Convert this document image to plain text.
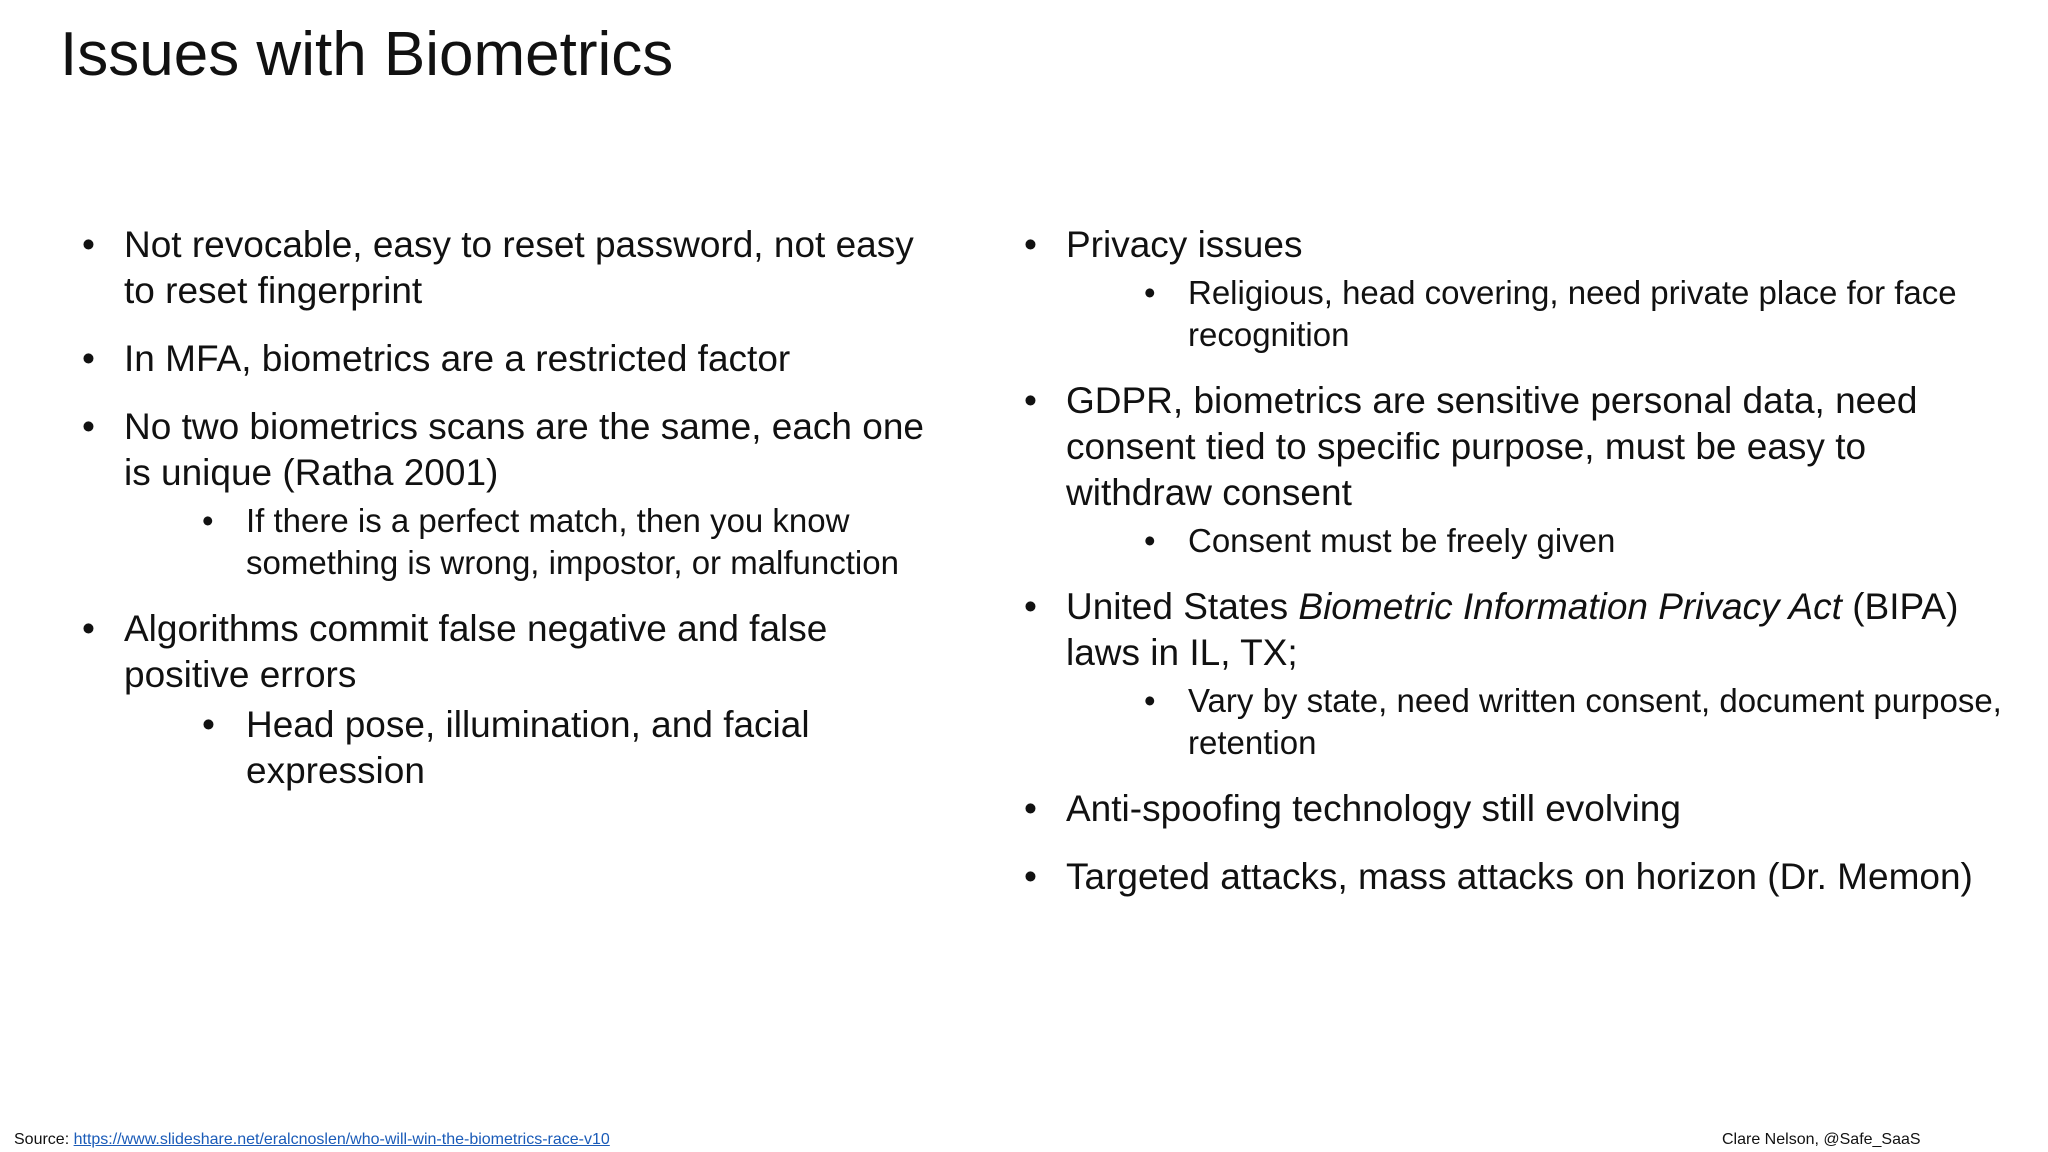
Issues with Biometrics
• Not revocable, easy to reset password, not easy to reset fingerprint
• In MFA, biometrics are a restricted factor
• No two biometrics scans are the same, each one is unique (Ratha 2001)
• If there is a perfect match, then you know something is wrong, impostor, or malfunction
• Algorithms commit false negative and false positive errors
• Head pose, illumination, and facial expression
• Privacy issues
• Religious, head covering, need private place for face recognition
• GDPR, biometrics are sensitive personal data, need consent tied to specific purpose, must be easy to withdraw consent
• Consent must be freely given
• United States Biometric Information Privacy Act (BIPA) laws in IL, TX;
• Vary by state, need written consent, document purpose, retention
• Anti-spoofing technology still evolving
• Targeted attacks, mass attacks on horizon (Dr. Memon)
Source: https://www.slideshare.net/eralcnoslen/who-will-win-the-biometrics-race-v10	Clare Nelson, @Safe_SaaS
